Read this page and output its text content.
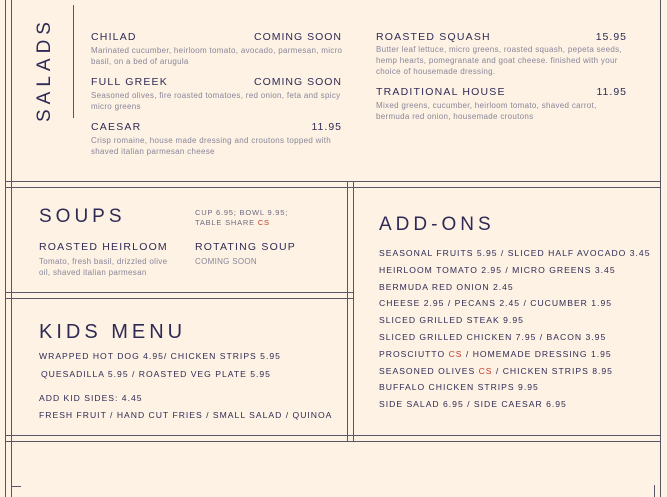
SALADS	CHILAD	COMING SOON
Marinated cucumber, heirloom tomato, avocado, parmesan, micro basil, on a bed of arugula
FULL GREEK	COMING SOON
Seasoned olives, fire roasted tomatoes, red onion, feta and spicy micro greens
CAESAR	11.95
Crisp romaine, house made dressing and croutons topped with shaved italian parmesan cheese
ROASTED SQUASH	15.95
Butter leaf lettuce, micro greens, roasted squash, pepeta seeds, hemp hearts, pomegranate and goat cheese. finished with your choice of housemade dressing.
TRADITIONAL HOUSE	11.95
Mixed greens, cucumber, heirloom tomato, shaved carrot, bermuda red onion, housemade croutons
SOUPS	CUP 6.95; BOWL 9.95;
TABLE SHARE CS
ROASTED HEIRLOOM
Tomato, fresh basil, drizzled olive oil, shaved italian parmesan
ROTATING SOUP
COMING SOON
KIDS MENU
WRAPPED HOT DOG 4.95/ CHICKEN STRIPS 5.95
QUESADILLA 5.95 / ROASTED VEG PLATE 5.95
ADD KID SIDES: 4.45
FRESH FRUIT / HAND CUT FRIES / SMALL SALAD / QUINOA
ADD-ONS
SEASONAL FRUITS 5.95 / SLICED HALF AVOCADO 3.45
HEIRLOOM TOMATO 2.95 / MICRO GREENS 3.45
BERMUDA RED ONION 2.45
CHEESE 2.95 / PECANS 2.45 / CUCUMBER 1.95
SLICED GRILLED STEAK 9.95
SLICED GRILLED CHICKEN 7.95 / BACON 3.95
PROSCIUTTO CS / HOMEMADE DRESSING 1.95
SEASONED OLIVES CS / CHICKEN STRIPS 8.95
BUFFALO CHICKEN STRIPS 9.95
SIDE SALAD 6.95 / SIDE CAESAR 6.95
